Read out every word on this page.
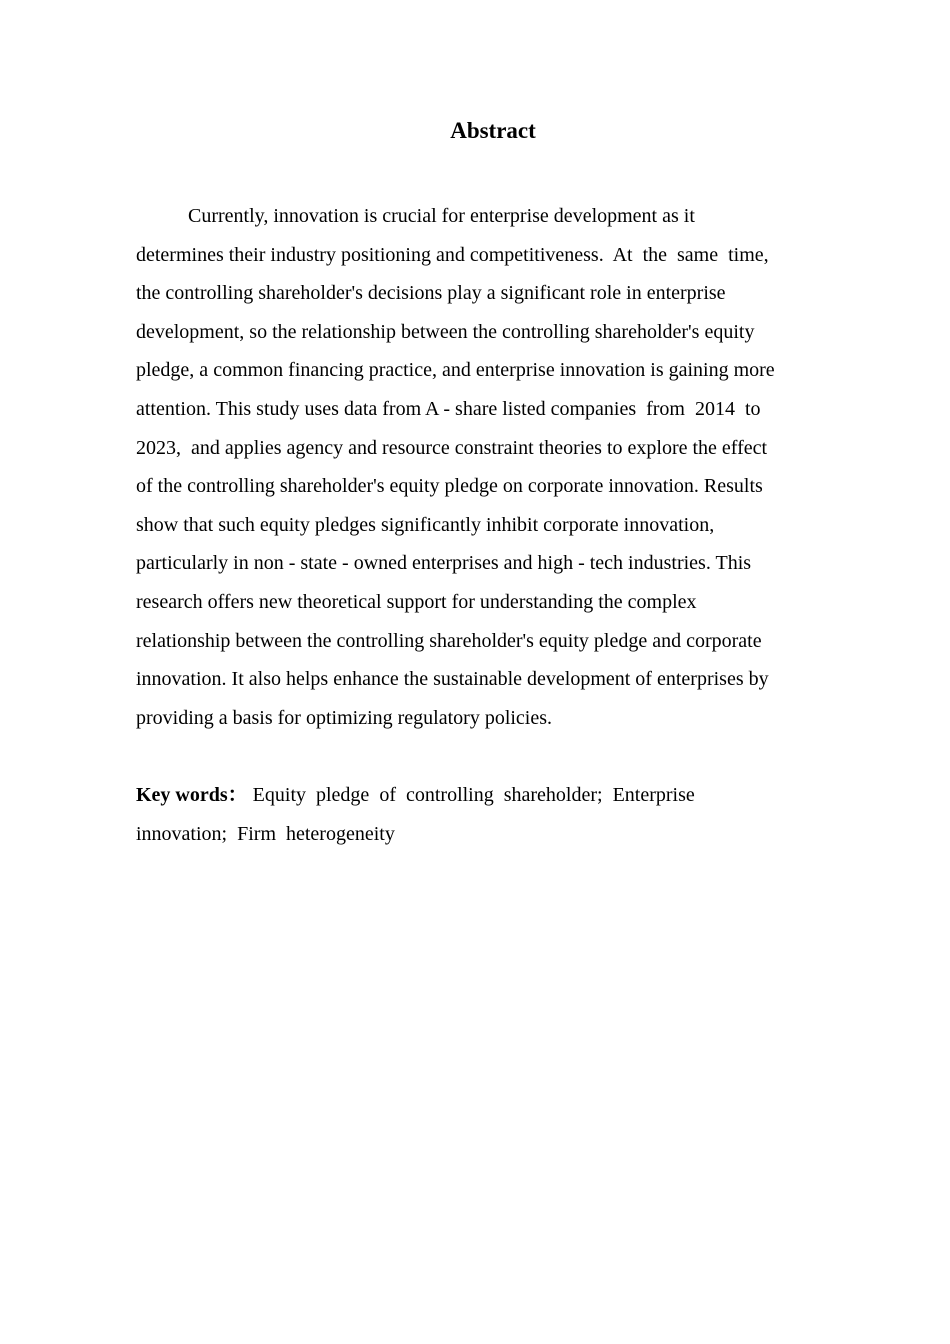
Abstract
Currently, innovation is crucial for enterprise development as it
determines their industry positioning and competitiveness.  At  the  same  time,
the controlling shareholder's decisions play a significant role in enterprise
development, so the relationship between the controlling shareholder's equity
pledge, a common financing practice, and enterprise innovation is gaining more
attention. This study uses data from A - share listed companies  from  2014  to
2023,  and applies agency and resource constraint theories to explore the effect
of the controlling shareholder's equity pledge on corporate innovation. Results
show that such equity pledges significantly inhibit corporate innovation,
particularly in non - state - owned enterprises and high - tech industries. This
research offers new theoretical support for understanding the complex
relationship between the controlling shareholder's equity pledge and corporate
innovation. It also helps enhance the sustainable development of enterprises by
providing a basis for optimizing regulatory policies.
Key words： Equity  pledge  of  controlling  shareholder;  Enterprise
innovation;  Firm  heterogeneity
